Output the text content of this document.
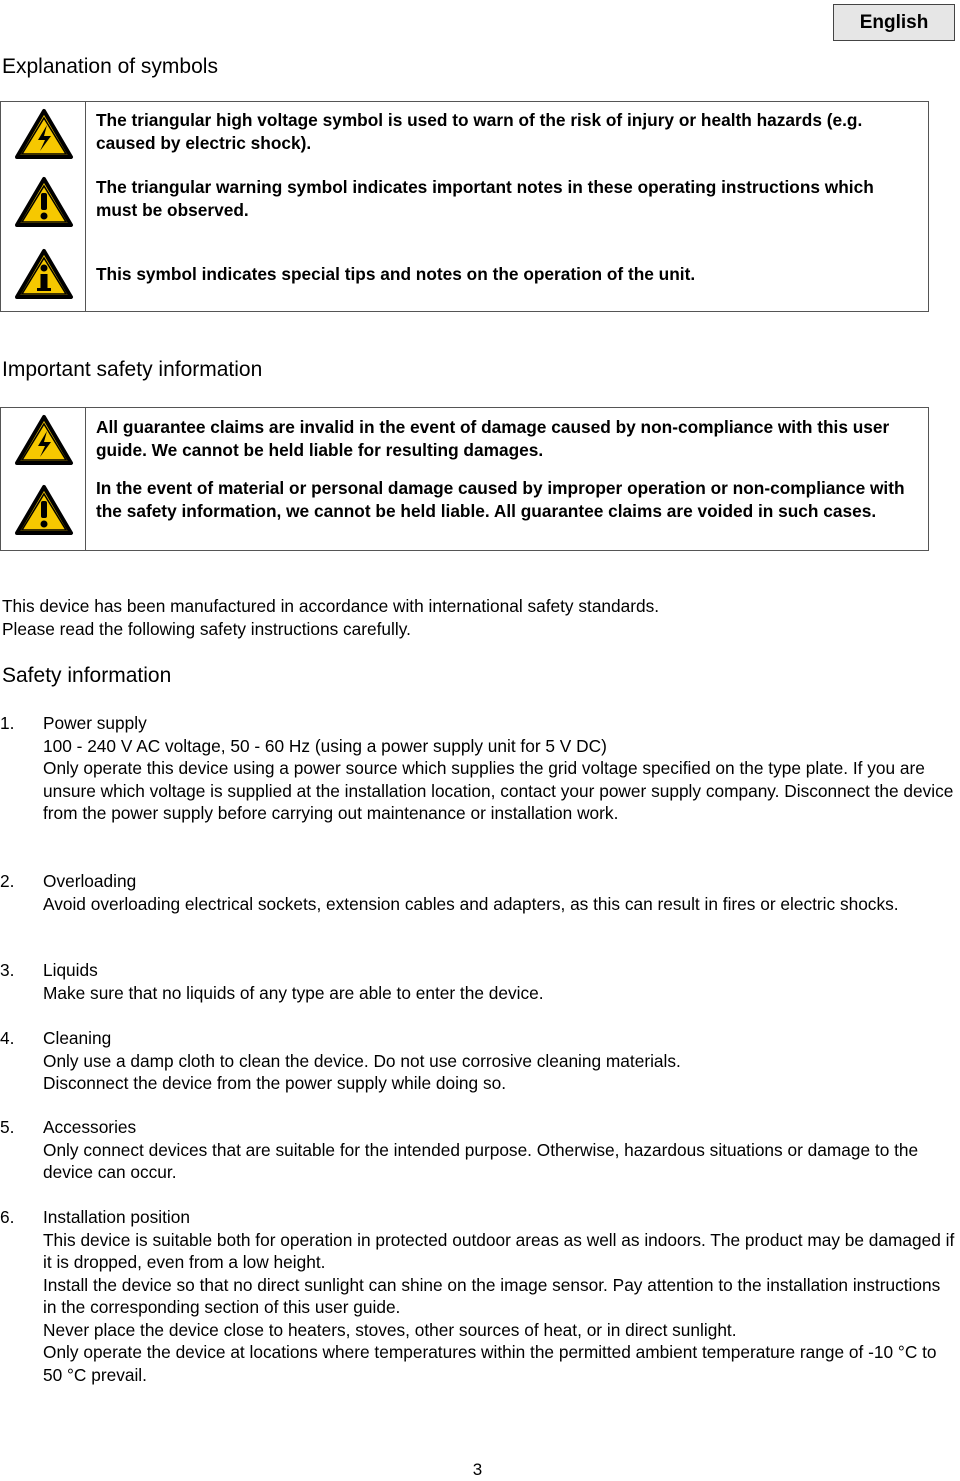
English
Explanation of symbols
The triangular high voltage symbol is used to warn of the risk of injury or health hazards (e.g. caused by electric shock).
The triangular warning symbol indicates important notes in these operating instructions which must be observed.
This symbol indicates special tips and notes on the operation of the unit.
Important safety information
All guarantee claims are invalid in the event of damage caused by non-compliance with this user guide. We cannot be held liable for resulting damages.
In the event of material or personal damage caused by improper operation or non-compliance with the safety information, we cannot be held liable. All guarantee claims are voided in such cases.
This device has been manufactured in accordance with international safety standards.
Please read the following safety instructions carefully.
Safety information
1. Power supply
100 - 240 V AC voltage, 50 - 60 Hz (using a power supply unit for 5 V DC)
Only operate this device using a power source which supplies the grid voltage specified on the type plate. If you are unsure which voltage is supplied at the installation location, contact your power supply company. Disconnect the device from the power supply before carrying out maintenance or installation work.
2. Overloading
Avoid overloading electrical sockets, extension cables and adapters, as this can result in fires or electric shocks.
3. Liquids
Make sure that no liquids of any type are able to enter the device.
4. Cleaning
Only use a damp cloth to clean the device. Do not use corrosive cleaning materials.
Disconnect the device from the power supply while doing so.
5. Accessories
Only connect devices that are suitable for the intended purpose. Otherwise, hazardous situations or damage to the device can occur.
6. Installation position
This device is suitable both for operation in protected outdoor areas as well as indoors. The product may be damaged if it is dropped, even from a low height.
Install the device so that no direct sunlight can shine on the image sensor. Pay attention to the installation instructions in the corresponding section of this user guide.
Never place the device close to heaters, stoves, other sources of heat, or in direct sunlight.
Only operate the device at locations where temperatures within the permitted ambient temperature range of -10 °C to 50 °C prevail.
3
